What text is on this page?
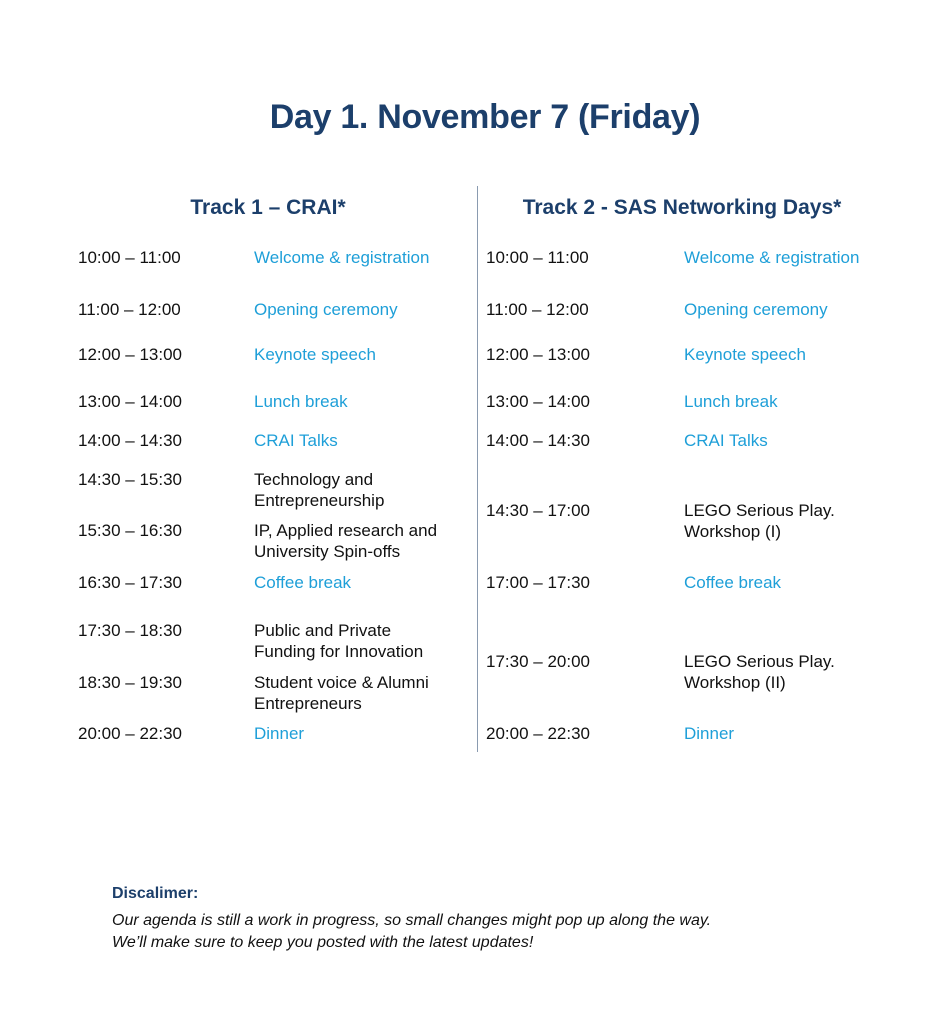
Day 1. November 7 (Friday)
Track 1 – CRAI*	Track 2 - SAS Networking Days*
10:00 – 11:00	Welcome & registration
11:00 – 12:00	Opening ceremony
12:00 – 13:00	Keynote speech
13:00 – 14:00	Lunch break
14:00 – 14:30	CRAI Talks
14:30 – 15:30	Technology and Entrepreneurship
15:30 – 16:30	IP, Applied research and University Spin-offs
16:30 – 17:30	Coffee break
17:30 – 18:30	Public and Private Funding for Innovation
18:30 – 19:30	Student voice & Alumni Entrepreneurs
20:00 – 22:30	Dinner
10:00 – 11:00	Welcome & registration
11:00 – 12:00	Opening ceremony
12:00 – 13:00	Keynote speech
13:00 – 14:00	Lunch break
14:00 – 14:30	CRAI Talks
14:30 – 17:00	LEGO Serious Play. Workshop (I)
17:00 – 17:30	Coffee break
17:30 – 20:00	LEGO Serious Play. Workshop (II)
20:00 – 22:30	Dinner
Discalimer:
Our agenda is still a work in progress, so small changes might pop up along the way.
We’ll make sure to keep you posted with the latest updates!
